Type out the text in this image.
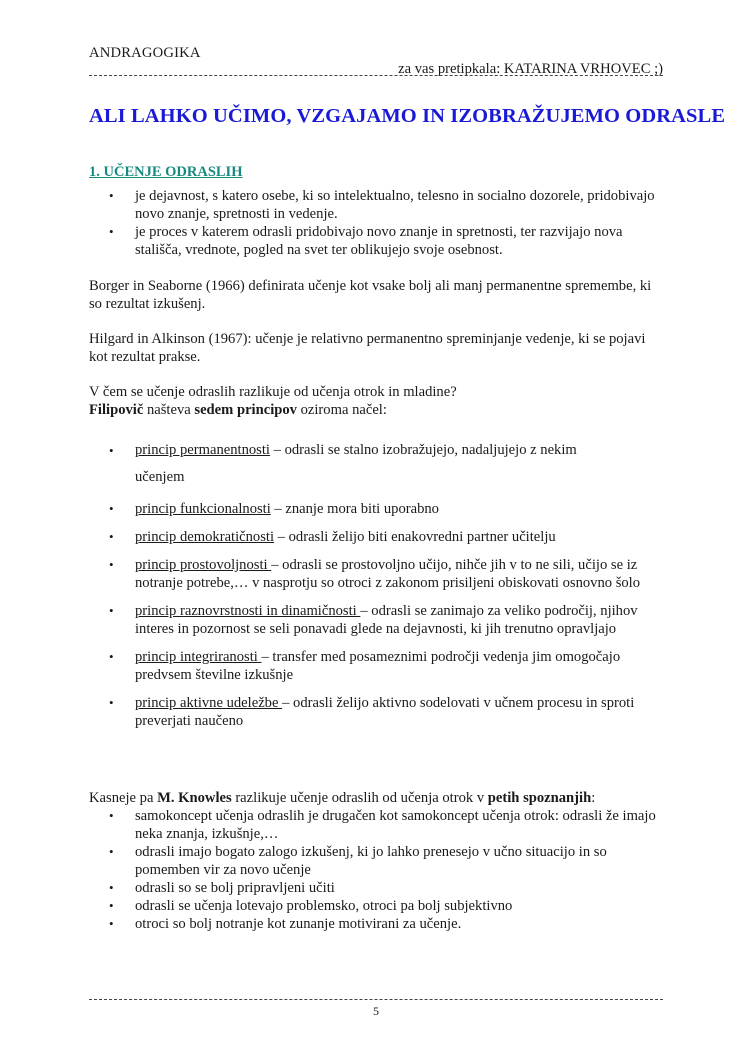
ANDRAGOGIKA
za vas pretipkala: KATARINA VRHOVEC ;)
ALI LAHKO UČIMO, VZGAJAMO IN IZOBRAŽUJEMO ODRASLE
1. UČENJE ODRASLIH
• je dejavnost, s katero osebe, ki so intelektualno, telesno in socialno dozorele, pridobivajo novo znanje, spretnosti in vedenje.
• je proces v katerem odrasli pridobivajo novo znanje in spretnosti, ter razvijajo nova stališča, vrednote, pogled na svet ter oblikujejo svoje osebnost.

Borger in Seaborne (1966) definirata učenje kot vsake bolj ali manj permanentne spremembe, ki so rezultat izkušenj.

Hilgard in Alkinson (1967): učenje je relativno permanentno spreminjanje vedenje, ki se pojavi kot rezultat prakse.

V čem se učenje odraslih razlikuje od učenja otrok in mladine?

Filipovič našteva sedem principov oziroma načel:

• princip permanentnosti – odrasli se stalno izobražujejo, nadaljujejo z nekim učenjem
• princip funkcionalnosti – znanje mora biti uporabno
• princip demokratičnosti – odrasli želijo biti enakovredni partner učitelju
• princip prostovoljnosti – odrasli se prostovoljno učijo, nihče jih v to ne sili, učijo se iz notranje potrebe,… v nasprotju so otroci z zakonom prisiljeni obiskovati osnovno šolo
• princip raznovrstnosti in dinamičnosti – odrasli se zanimajo za veliko področij, njihov interes in pozornost se seli ponavadi glede na dejavnosti, ki jih trenutno opravljajo
• princip integriranosti – transfer med posameznimi področji vedenja jim omogočajo predvsem številne izkušnje
• princip aktivne udeležbe – odrasli želijo aktivno sodelovati v učnem procesu in sproti preverjati naučeno

Kasneje pa M. Knowles razlikuje učenje odraslih od učenja otrok v petih spoznanjih:

• samokoncept učenja odraslih je drugačen kot samokoncept učenja otrok: odrasli že imajo neka znanja, izkušnje,…
• odrasli imajo bogato zalogo izkušenj, ki jo lahko prenesejo v učno situacijo in so pomemben vir za novo učenje
• odrasli so se bolj pripravljeni učiti
• odrasli se učenja lotevajo problemsko, otroci pa bolj subjektivno
• otroci so bolj notranje kot zunanje motivirani za učenje.
5
